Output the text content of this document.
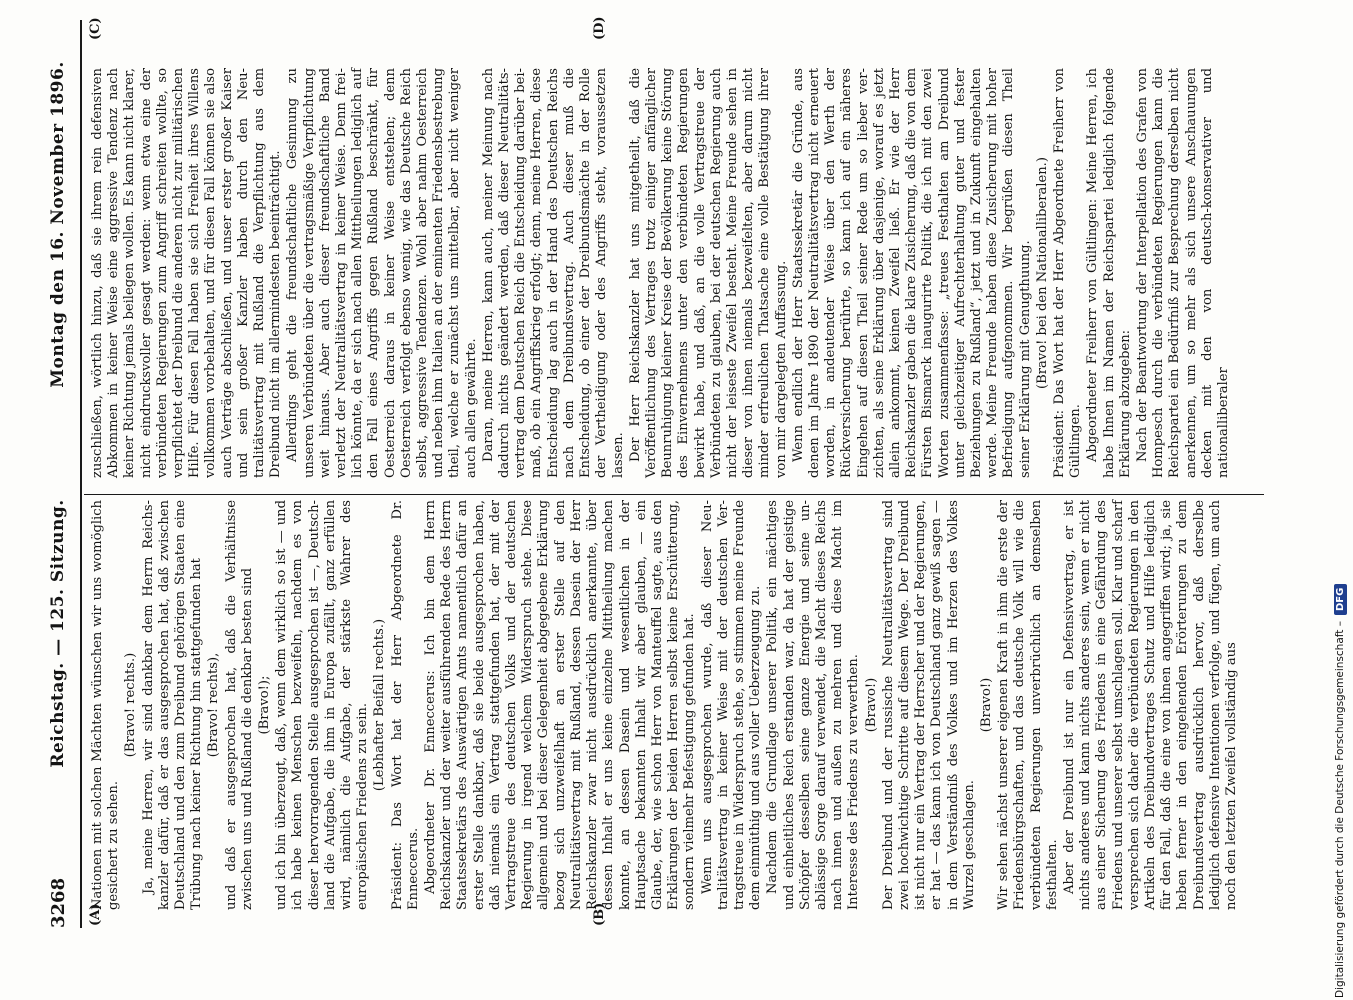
3268
Reichstag. — 125. Sitzung.
Montag den 16. November 1896.
(A)	(B)
(C)	(D)

Nationen mit solchen Mächten wünschen wir uns womöglich gesichert zu sehen.

(Bravo! rechts.) Ja, meine Herren, wir sind dankbar dem Herrn Reichskanzler dafür, daß er das ausgesprochen hat, daß zwischen Deutschland und den zum Dreibund gehörigen Staaten eine Trübung nach keiner Richtung hin stattgefunden hat (Bravo! rechts), und daß er ausgesprochen hat, daß die Verhältnisse zwischen uns und Rußland die denkbar besten sind (Bravo!); und ich bin überzeugt, daß, wenn dem wirklich so ist — und ich habe keinen Menschen bezweifeln, nachdem es von dieser hervorragenden Stelle ausgesprochen ist —, Deutschland die Aufgabe, die ihm in Europa zufällt, ganz erfüllen wird, nämlich die Aufgabe, der stärkste Wahrer des europäischen Friedens zu sein. (Lebhafter Beifall rechts.) Präsident: Das Wort hat der Herr Abgeordnete Dr. Enneccerus. Abgeordneter Dr. Enneccerus: Ich bin dem Herrn Reichskanzler und der weiter ausführenden Rede des Herrn Staatssekretärs des Auswärtigen Amts namentlich dafür an erster Stelle dankbar, daß sie beide ausgesprochen haben, daß niemals ein Vertrag stattgefunden hat, der mit der Vertragstreue des deutschen Volks und der deutschen Regierung in irgend welchem Widerspruch stehe. Diese allgemein und bei dieser Gelegenheit abgegebene Erklärung bezog sich unzweifelhaft an erster Stelle auf den Neutralitätsvertrag mit Rußland, dessen Dasein der Herr Reichskanzler zwar nicht ausdrücklich anerkannte, über dessen Inhalt er uns keine einzelne Mittheilung machen konnte, an dessen Dasein und wesentlichen in der Hauptsache bekannten Inhalt wir aber glauben, — ein Glaube, der, wie schon Herr von Manteuffel sagte, aus den Erklärungen der beiden Herren selbst keine Erschütterung, sondern vielmehr Befestigung gefunden hat. Wenn uns ausgesprochen wurde, daß dieser Neutralitätsvertrag in keiner Weise mit der deutschen Vertragstreue in Widerspruch stehe, so stimmen meine Freunde dem einmüthig und aus voller Ueberzeugung zu. Nachdem die Grundlage unserer Politik, ein mächtiges und einheitliches Reich erstanden war, da hat der geistige Schöpfer desselben seine ganze Energie und seine unablässige Sorge darauf verwendet, die Macht dieses Reichs nach innen und außen zu mehren und diese Macht im Interesse des Friedens zu verwerthen. (Bravo!) Der Dreibund und der russische Neutralitätsvertrag sind zwei hochwichtige Schritte auf diesem Wege. Der Dreibund ist nicht nur ein Vertrag der Herrscher und der Regierungen, er hat — das kann ich von Deutschland ganz gewiß sagen — in dem Verständniß des Volkes und im Herzen des Volkes Wurzel geschlagen.

(Bravo!) Wir sehen nächst unserer eigenen Kraft in ihm die erste der Friedensbürgschaften, und das deutsche Volk will wie die verbündeten Regierungen unverbrüchlich an demselben festhalten. Aber der Dreibund ist nur ein Defensivvertrag, er ist nichts anderes und kann nichts anderes sein, wenn er nicht aus einer Sicherung des Friedens in eine Gefährdung des Friedens und unserer selbst umschlagen soll. Klar und scharf versprechen sich daher die verbündeten Regierungen in den Artikeln des Dreibundvertrages Schutz und Hilfe lediglich für den Fall, daß die eine von ihnen angegriffen wird; ja, sie heben ferner in den eingehenden Erörterungen zu dem Dreibundsvertrag ausdrücklich hervor, daß derselbe lediglich defensive Intentionen verfolge, und fügen, um auch noch den letzten Zweifel vollständig aus

zuschließen, wörtlich hinzu, daß sie ihrem rein defensiven Abkommen in keiner Weise eine aggressive Tendenz nach keiner Richtung jemals beilegen wollen. Es kann nicht klarer, nicht eindrucksvoller gesagt werden: wenn etwa eine der verbündeten Regierungen zum Angriff schreiten wollte, so verpflichtet der Dreibund die anderen nicht zur militärischen Hilfe. Für diesen Fall haben sie sich Freiheit ihres Willens vollkommen vorbehalten, und für diesen Fall können sie also auch Verträge abschließen, und unser erster großer Kaiser und sein großer Kanzler haben durch den Neutralitätsvertrag mit Rußland die Verpflichtung aus dem Dreibund nicht im allermindesten beeinträchtigt. Allerdings geht die freundschaftliche Gesinnung zu unseren Verbündeten über die vertragsmäßige Verpflichtung weit hinaus. Aber auch dieser freundschaftliche Band verletzt der Neutralitätsvertrag in keiner Weise. Denn freilich könnte, da er sich nach allen Mittheilungen lediglich auf den Fall eines Angriffs gegen Rußland beschränkt, für Oesterreich daraus in keiner Weise entstehen; denn Oesterreich verfolgt ebenso wenig, wie das Deutsche Reich selbst, aggressive Tendenzen. Wohl aber nahm Oesterreich und neben ihm Italien an der eminenten Friedensbestrebung theil, welche er zunächst uns mittelbar, aber nicht weniger auch allen gewährte. Daran, meine Herren, kann auch, meiner Meinung nach dadurch nichts geändert werden, daß dieser Neutralitätsvertrag dem Deutschen Reich die Entscheidung darüber beimaß, ob ein Angriffskrieg erfolgt; denn, meine Herren, diese Entscheidung lag auch in der Hand des Deutschen Reichs nach dem Dreibundsvertrag. Auch dieser muß die Entscheidung, ob einer der Dreibundsmächte in der Rolle der Vertheidigung oder des Angriffs steht, voraussetzen lassen. Der Herr Reichskanzler hat uns mitgetheilt, daß die Veröffentlichung des Vertrages trotz einiger anfänglicher Beunruhigung kleiner Kreise der Bevölkerung keine Störung des Einvernehmens unter den verbündeten Regierungen bewirkt habe, und daß, an die volle Vertragstreue der Verbündeten zu glauben, bei der deutschen Regierung auch nicht der leiseste Zweifel besteht. Meine Freunde sehen in dieser von ihnen niemals bezweifelten, aber darum nicht minder erfreulichen Thatsache eine volle Bestätigung ihrer von mir dargelegten Auffassung. Wenn endlich der Herr Staatssekretär die Gründe, aus denen im Jahre 1890 der Neutralitätsvertrag nicht erneuert worden, in andeutender Weise über den Werth der Rückversicherung berührte, so kann ich auf ein näheres Eingehen auf diesen Theil seiner Rede um so lieber verzichten, als seine Erklärung über dasjenige, worauf es jetzt allein ankommt, keinen Zweifel ließ. Er wie der Herr Reichskanzler gaben die klare Zusicherung, daß die von dem Fürsten Bismarck inaugurirte Politik, die ich mit den zwei Worten zusammenfasse: „treues Festhalten am Dreibund unter gleichzeitiger Aufrechterhaltung guter und fester Beziehungen zu Rußland“, jetzt und in Zukunft eingehalten werde. Meine Freunde haben diese Zusicherung mit hoher Befriedigung aufgenommen. Wir begrüßen diesen Theil seiner Erklärung mit Genugthuung. (Bravo! bei den Nationalliberalen.) Präsident: Das Wort hat der Herr Abgeordnete Freiherr von Gültlingen. Abgeordneter Freiherr von Gültlingen: Meine Herren, ich habe Ihnen im Namen der Reichspartei lediglich folgende Erklärung abzugeben: Nach der Beantwortung der Interpellation des Grafen von Hompesch durch die verbündeten Regierungen kann die Reichspartei ein Bedürfniß zur Besprechung derselben nicht anerkennen, um so mehr als sich unsere Anschauungen decken mit den von deutsch-konservativer und nationalliberaler

Digitalisierung gefördert durch die Deutsche Forschungsgemeinschaft –
DFG
